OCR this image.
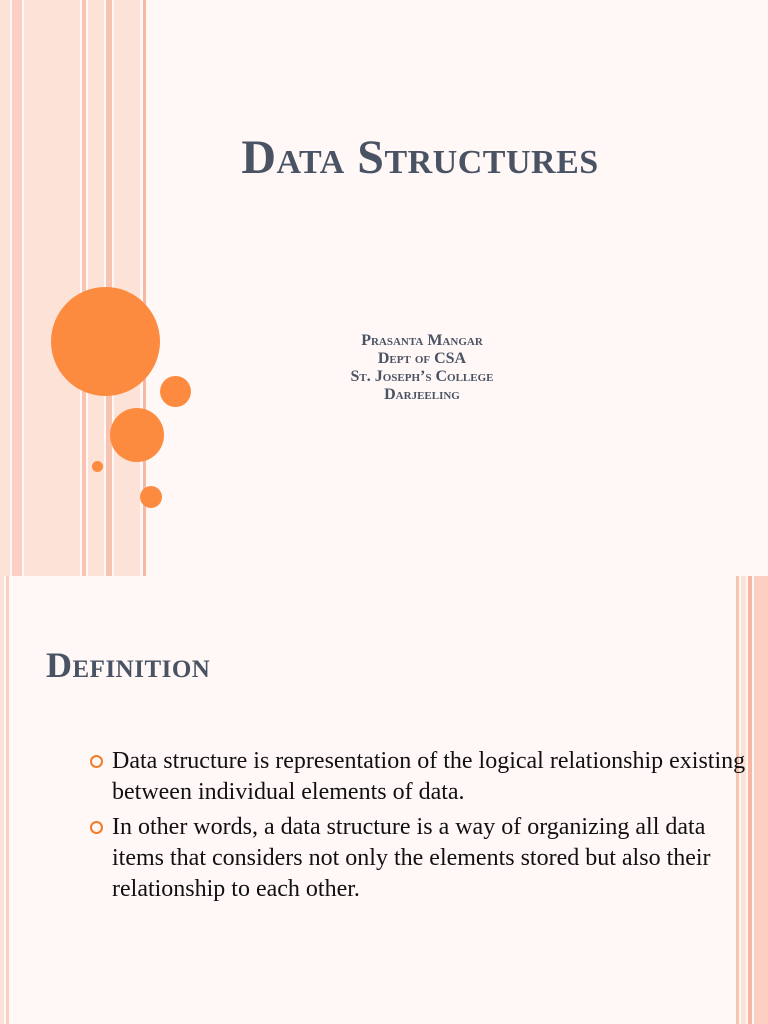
Data Structures
Prasanta Mangar
Dept of CSA
St. Joseph’s College
Darjeeling
Definition
Data structure is representation of the logical relationship existing between individual elements of data.
In other words, a data structure is a way of organizing all data items that considers not only the elements stored but also their relationship to each other.
